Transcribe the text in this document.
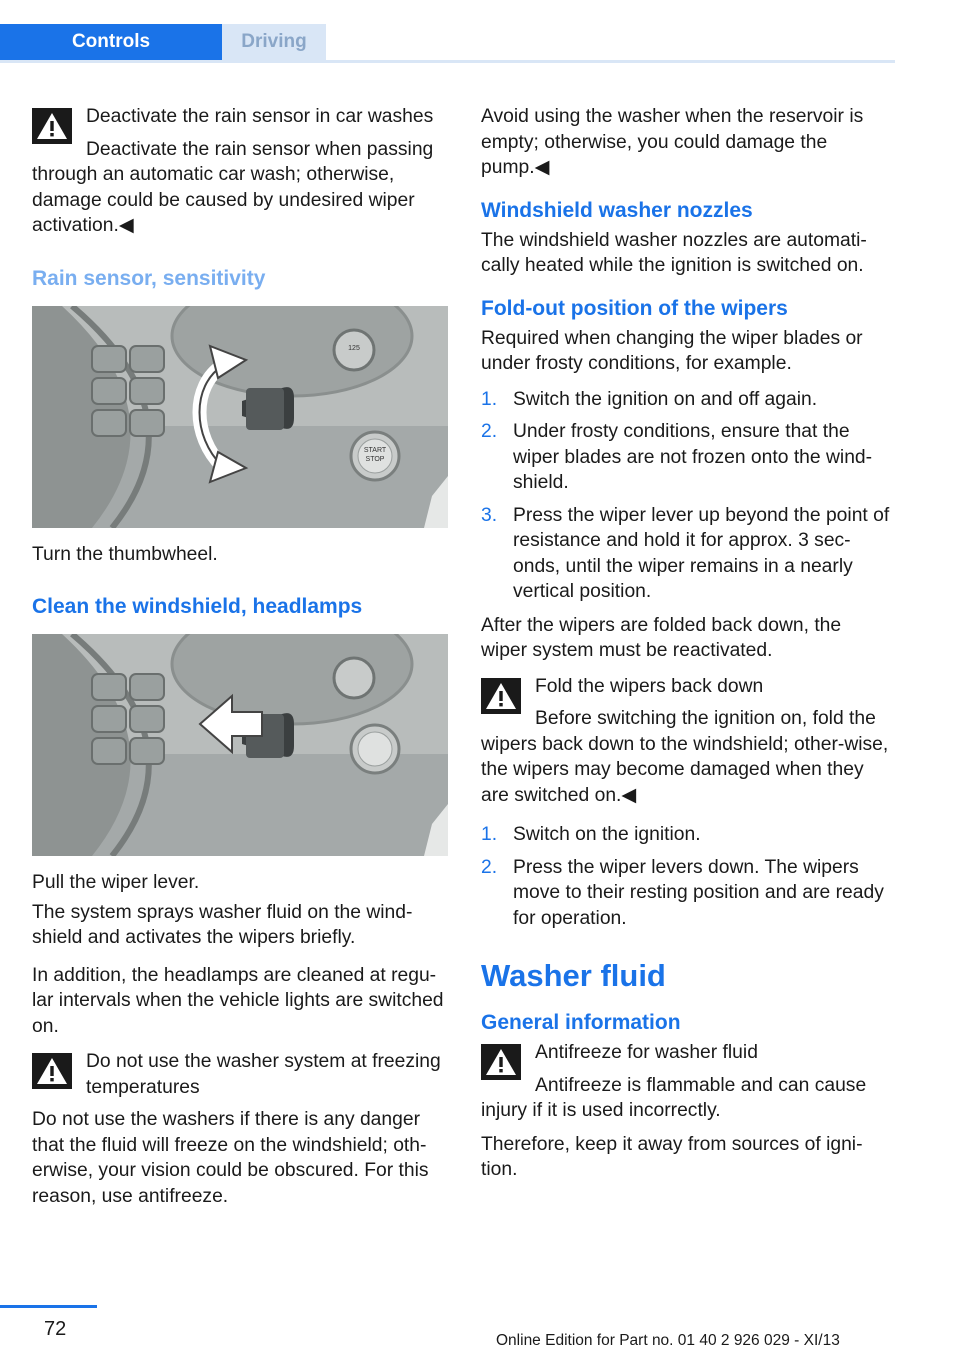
Controls	Driving
Deactivate the rain sensor in car washes
Deactivate the rain sensor when passing
through an automatic car wash; otherwise, damage could be caused by undesired wiper activation.◀
Rain sensor, sensitivity
START
STOP
125

Turn the thumbwheel.

Clean the windshield, headlamps

Pull the wiper lever.

The system sprays washer fluid on the wind‐shield and activates the wipers briefly.

In addition, the headlamps are cleaned at regu‐lar intervals when the vehicle lights are switched on.

Do not use the washer system at freezing temperatures
Do not use the washers if there is any danger that the fluid will freeze on the windshield; oth‐erwise, your vision could be obscured. For this reason, use antifreeze.

Avoid using the washer when the reservoir is empty; otherwise, you could damage the pump.◀

Windshield washer nozzles

The windshield washer nozzles are automati‐cally heated while the ignition is switched on.

Fold-out position of the wipers

Required when changing the wiper blades or under frosty conditions, for example.

1. Switch the ignition on and off again.
2. Under frosty conditions, ensure that the wiper blades are not frozen onto the wind‐shield.
3. Press the wiper lever up beyond the point of resistance and hold it for approx. 3 sec‐onds, until the wiper remains in a nearly vertical position.

After the wipers are folded back down, the wiper system must be reactivated.

Fold the wipers back down
Before switching the ignition on, fold the
wipers back down to the windshield; other‐wise, the wipers may become damaged when they are switched on.◀
1. Switch on the ignition.
2. Press the wiper levers down. The wipers move to their resting position and are ready for operation.
Washer fluid
General information
Antifreeze for washer fluid
Antifreeze is flammable and can cause
injury if it is used incorrectly.

Therefore, keep it away from sources of igni‐tion.

72
Online Edition for Part no. 01 40 2 926 029 - XI/13
